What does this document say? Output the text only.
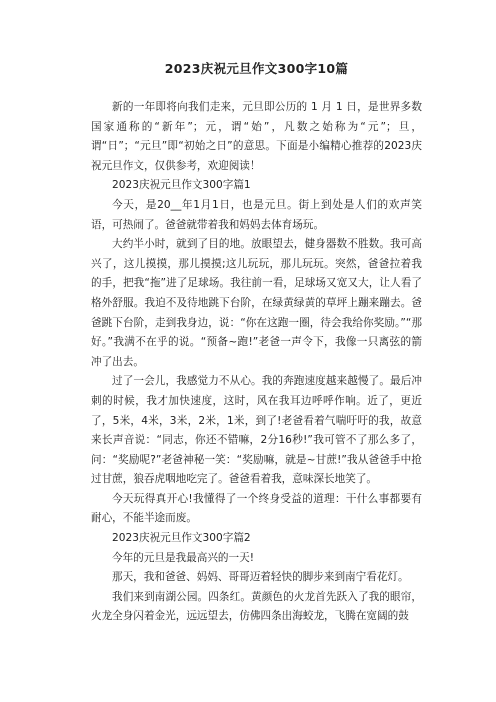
2023庆祝元旦作文300字10篇

新的一年即将向我们走来，元旦即公历的 1 月 1 日，是世界多数国家通称的“新年”；元，谓“始”，凡数之始称为“元”；旦，谓“日”；“元旦”即“初始之日”的意思。下面是小编精心推荐的2023庆祝元旦作文，仅供参考，欢迎阅读！

2023庆祝元旦作文300字篇1

今天，是20__年1月1日，也是元旦。街上到处是人们的欢声笑语，可热闹了。爸爸就带着我和妈妈去体育场玩。

大约半小时，就到了目的地。放眼望去，健身器数不胜数。我可高兴了，这儿摸摸，那儿摸摸;这儿玩玩，那儿玩玩。突然，爸爸拉着我的手，把我“拖”进了足球场。我往前一看，足球场又宽又大，让人看了格外舒服。我迫不及待地跳下台阶，在绿黄绿黄的草坪上蹦来蹦去。爸爸跳下台阶，走到我身边，说：“你在这跑一圈，待会我给你奖励。”“那好。”我满不在乎的说。“预备~跑!”老爸一声令下，我像一只离弦的箭冲了出去。

过了一会儿，我感觉力不从心。我的奔跑速度越来越慢了。最后冲刺的时候，我才加快速度，这时，风在我耳边呼呼作响。近了，更近了，5米，4米，3米，2米，1米，到了!老爸看着气喘吁吁的我，故意来长声音说：“同志，你还不错嘛，2分16秒!”我可管不了那么多了，问：“奖励呢?”老爸神秘一笑：“奖励嘛，就是~甘蔗!”我从爸爸手中抢过甘蔗，狼吞虎咽地吃完了。爸爸看着我，意味深长地笑了。

今天玩得真开心!我懂得了一个终身受益的道理：干什么事都要有耐心，不能半途而废。

2023庆祝元旦作文300字篇2

今年的元旦是我最高兴的一天!

那天，我和爸爸、妈妈、哥哥迈着轻快的脚步来到南宁看花灯。

我们来到南湖公园。四条红。黄颜色的火龙首先跃入了我的眼帘，火龙全身闪着金光，远远望去，仿佛四条出海蛟龙，飞腾在宽阔的鼓
